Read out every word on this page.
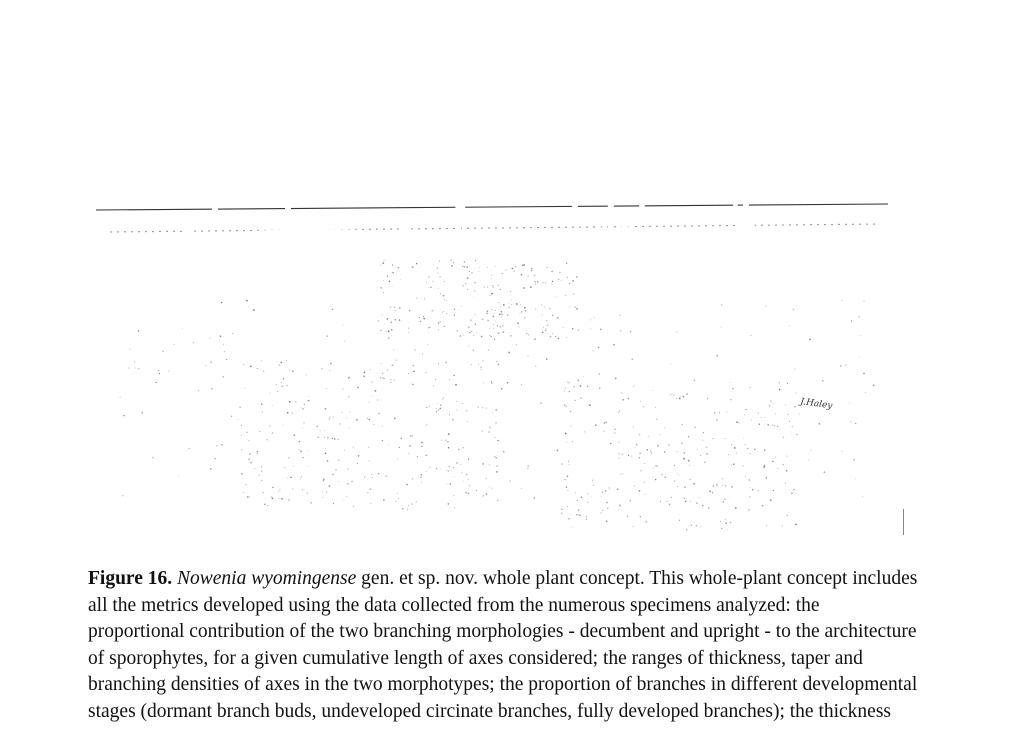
J.Haley
Figure 16. Nowenia wyomingense gen. et sp. nov. whole plant concept. This whole-plant concept includes all the metrics developed using the data collected from the numerous specimens analyzed: the proportional contribution of the two branching morphologies - decumbent and upright - to the architecture of sporophytes, for a given cumulative length of axes considered; the ranges of thickness, taper and branching densities of axes in the two morphotypes; the proportion of branches in different developmental stages (dormant branch buds, undeveloped circinate branches, fully developed branches); the thickness
